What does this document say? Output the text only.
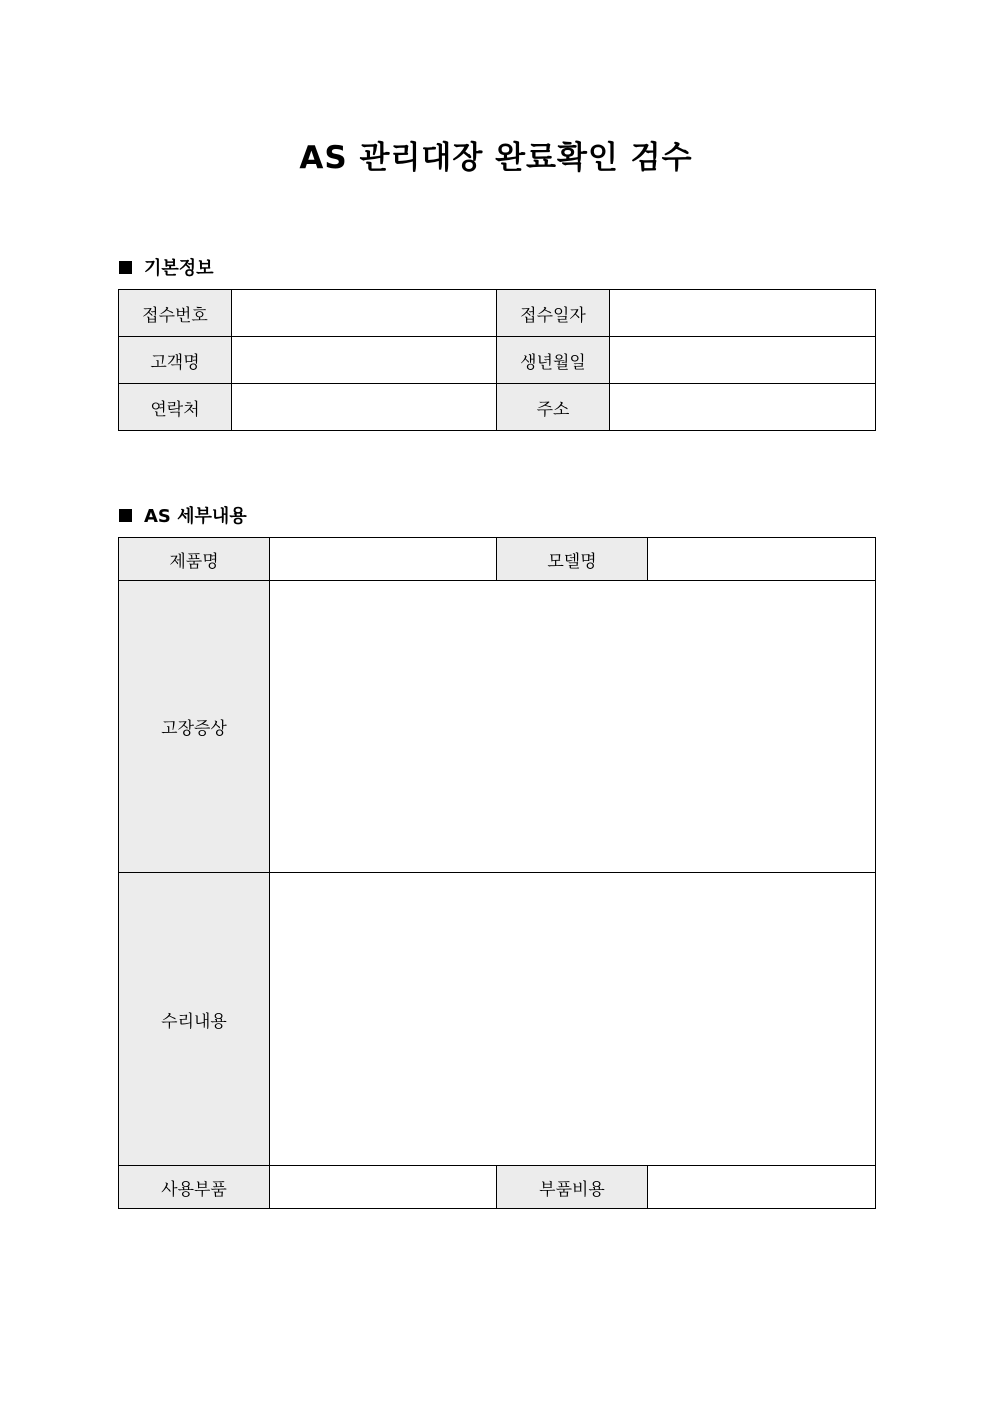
AS 관리대장 완료확인 검수
기본정보
접수번호		접수일자	
고객명		생년월일	
연락처		주소	
AS 세부내용
제품명		모델명	
고장증상			
수리내용			
사용부품		부품비용	
